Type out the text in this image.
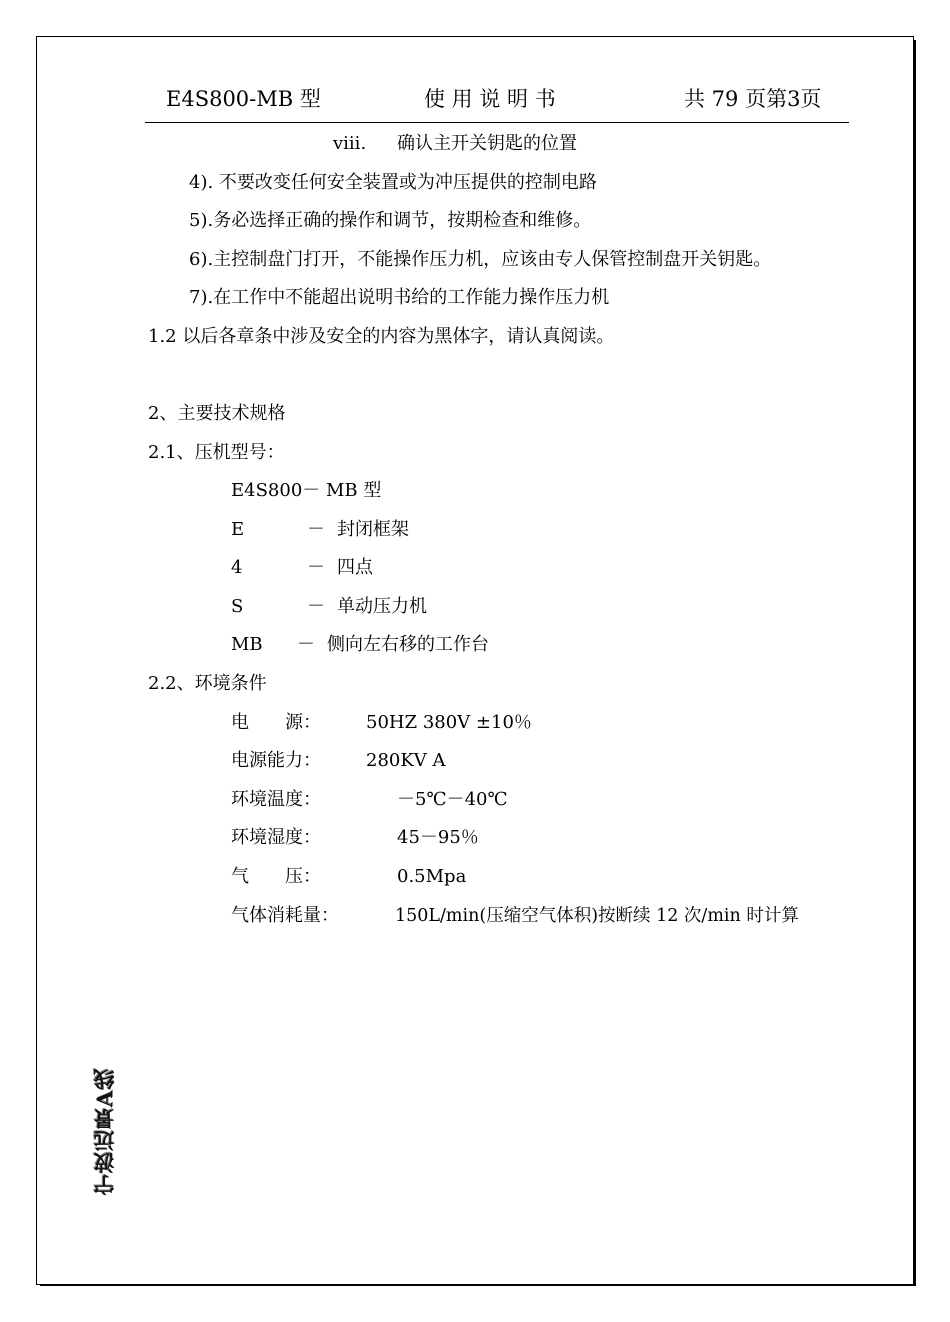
E4S800-MB 型	使 用 说 明 书	共 79 页第3页
viii. 确认主开关钥匙的位置
4). 不要改变任何安全装置或为冲压提供的控制电路
5).务必选择正确的操作和调节，按期检查和维修。
6).主控制盘门打开，不能操作压力机，应该由专人保管控制盘开关钥匙。
7).在工作中不能超出说明书给的工作能力操作压力机
1.2 以后各章条中涉及安全的内容为黑体字，请认真阅读。
2、主要技术规格
2.1、压机型号：
E4S800－ MB 型
E	－ 封闭框架
4	－ 四点
S	－ 单动压力机
MB － 侧向左右移的工作台
2.2、环境条件
电　　源：	50HZ 380V ±10％
电源能力：	280KV A
环境温度：	－5℃－40℃
环境湿度：	45－95％
气　　压：	0.5Mpa
气体消耗量：	150L/min(压缩空气体积)按断续 12 次/min 时计算
宁波远景A线
